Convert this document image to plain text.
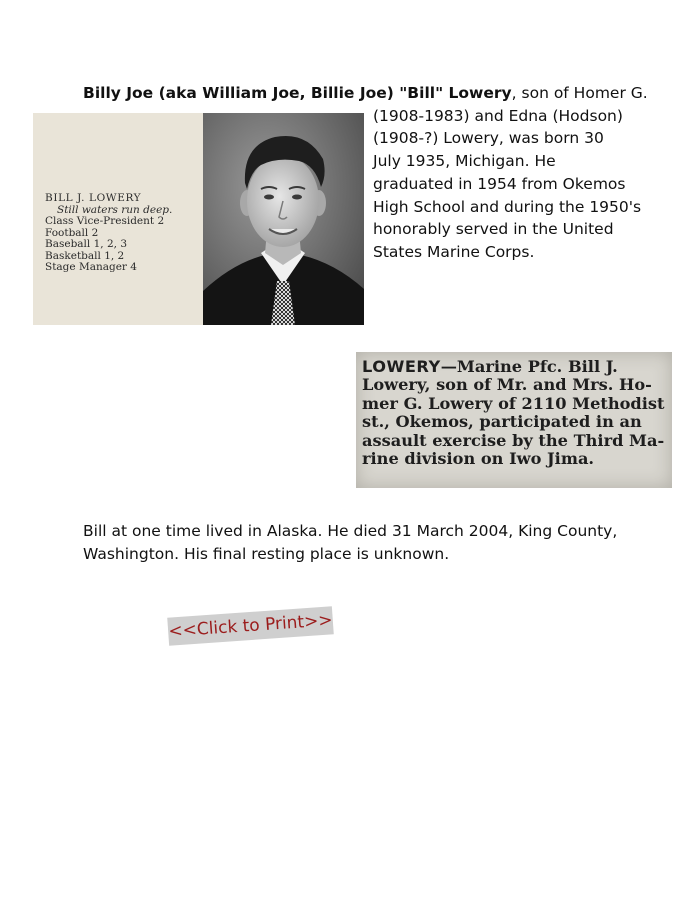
Billy Joe (aka William Joe, Billie Joe) "Bill" Lowery, son of Homer G.
(1908-1983) and Edna (Hodson)
(1908-?) Lowery, was born 30
July 1935, Michigan. He
graduated in 1954 from Okemos
High School and during the 1950's
honorably served in the United
States Marine Corps.
BILL J. LOWERY
Still waters run deep.
Class Vice-President 2
Football 2
Baseball 1, 2, 3
Basketball 1, 2
Stage Manager 4
LOWERY—Marine Pfc. Bill J.
Lowery, son of Mr. and Mrs. Ho-
mer G. Lowery of 2110 Methodist
st., Okemos, participated in an
assault exercise by the Third Ma-
rine division on Iwo Jima.
Bill at one time lived in Alaska. He died 31 March 2004, King County,
Washington. His final resting place is unknown.
<<Click to Print>>
